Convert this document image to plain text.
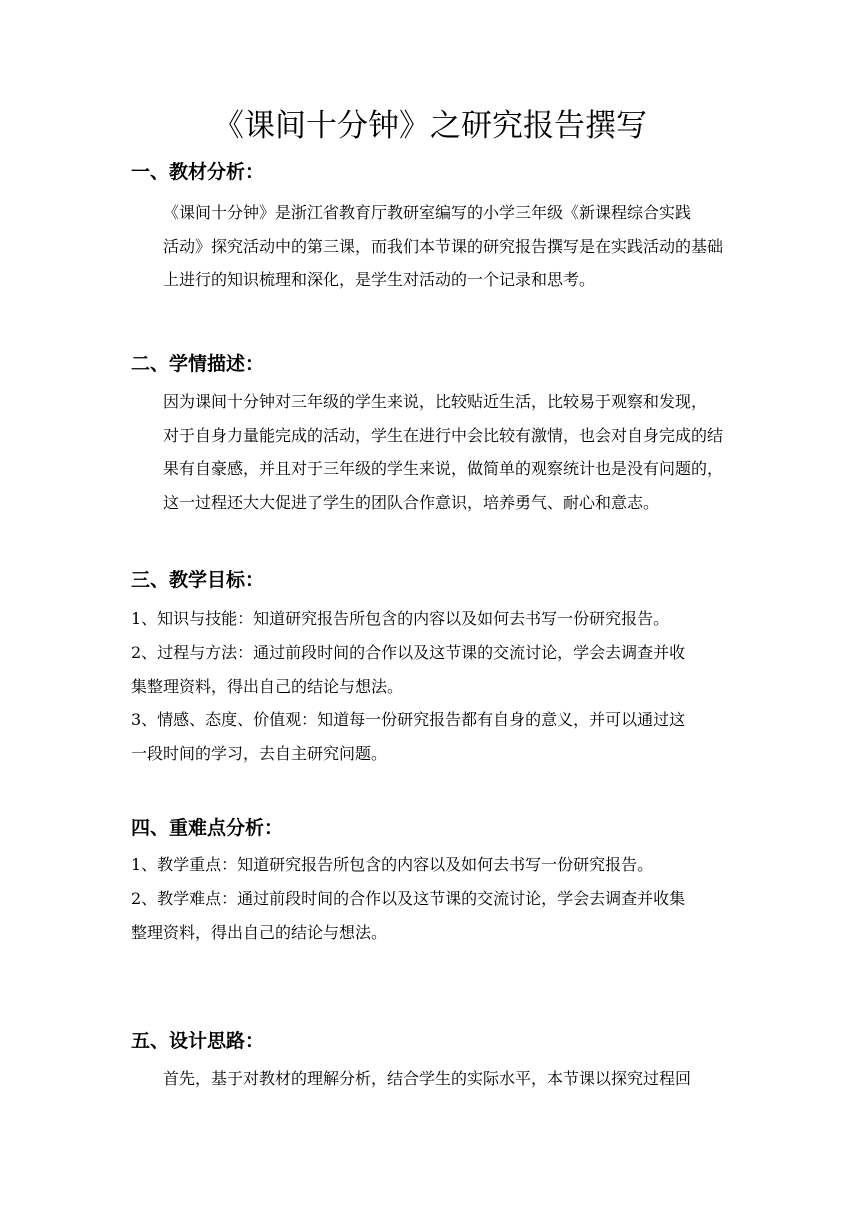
《课间十分钟》之研究报告撰写
一、教材分析：

《课间十分钟》是浙江省教育厅教研室编写的小学三年级《新课程综合实践
活动》探究活动中的第三课，而我们本节课的研究报告撰写是在实践活动的基础
上进行的知识梳理和深化，是学生对活动的一个记录和思考。

二、学情描述：

因为课间十分钟对三年级的学生来说，比较贴近生活，比较易于观察和发现，
对于自身力量能完成的活动，学生在进行中会比较有激情，也会对自身完成的结
果有自豪感，并且对于三年级的学生来说，做简单的观察统计也是没有问题的，
这一过程还大大促进了学生的团队合作意识，培养勇气、耐心和意志。

三、教学目标：

1、知识与技能：知道研究报告所包含的内容以及如何去书写一份研究报告。

2、过程与方法：通过前段时间的合作以及这节课的交流讨论，学会去调查并收
集整理资料，得出自己的结论与想法。

3、情感、态度、价值观：知道每一份研究报告都有自身的意义，并可以通过这
一段时间的学习，去自主研究问题。

四、重难点分析：

1、教学重点：知道研究报告所包含的内容以及如何去书写一份研究报告。

2、教学难点：通过前段时间的合作以及这节课的交流讨论，学会去调查并收集
整理资料，得出自己的结论与想法。

五、设计思路：

首先，基于对教材的理解分析，结合学生的实际水平，本节课以探究过程回
